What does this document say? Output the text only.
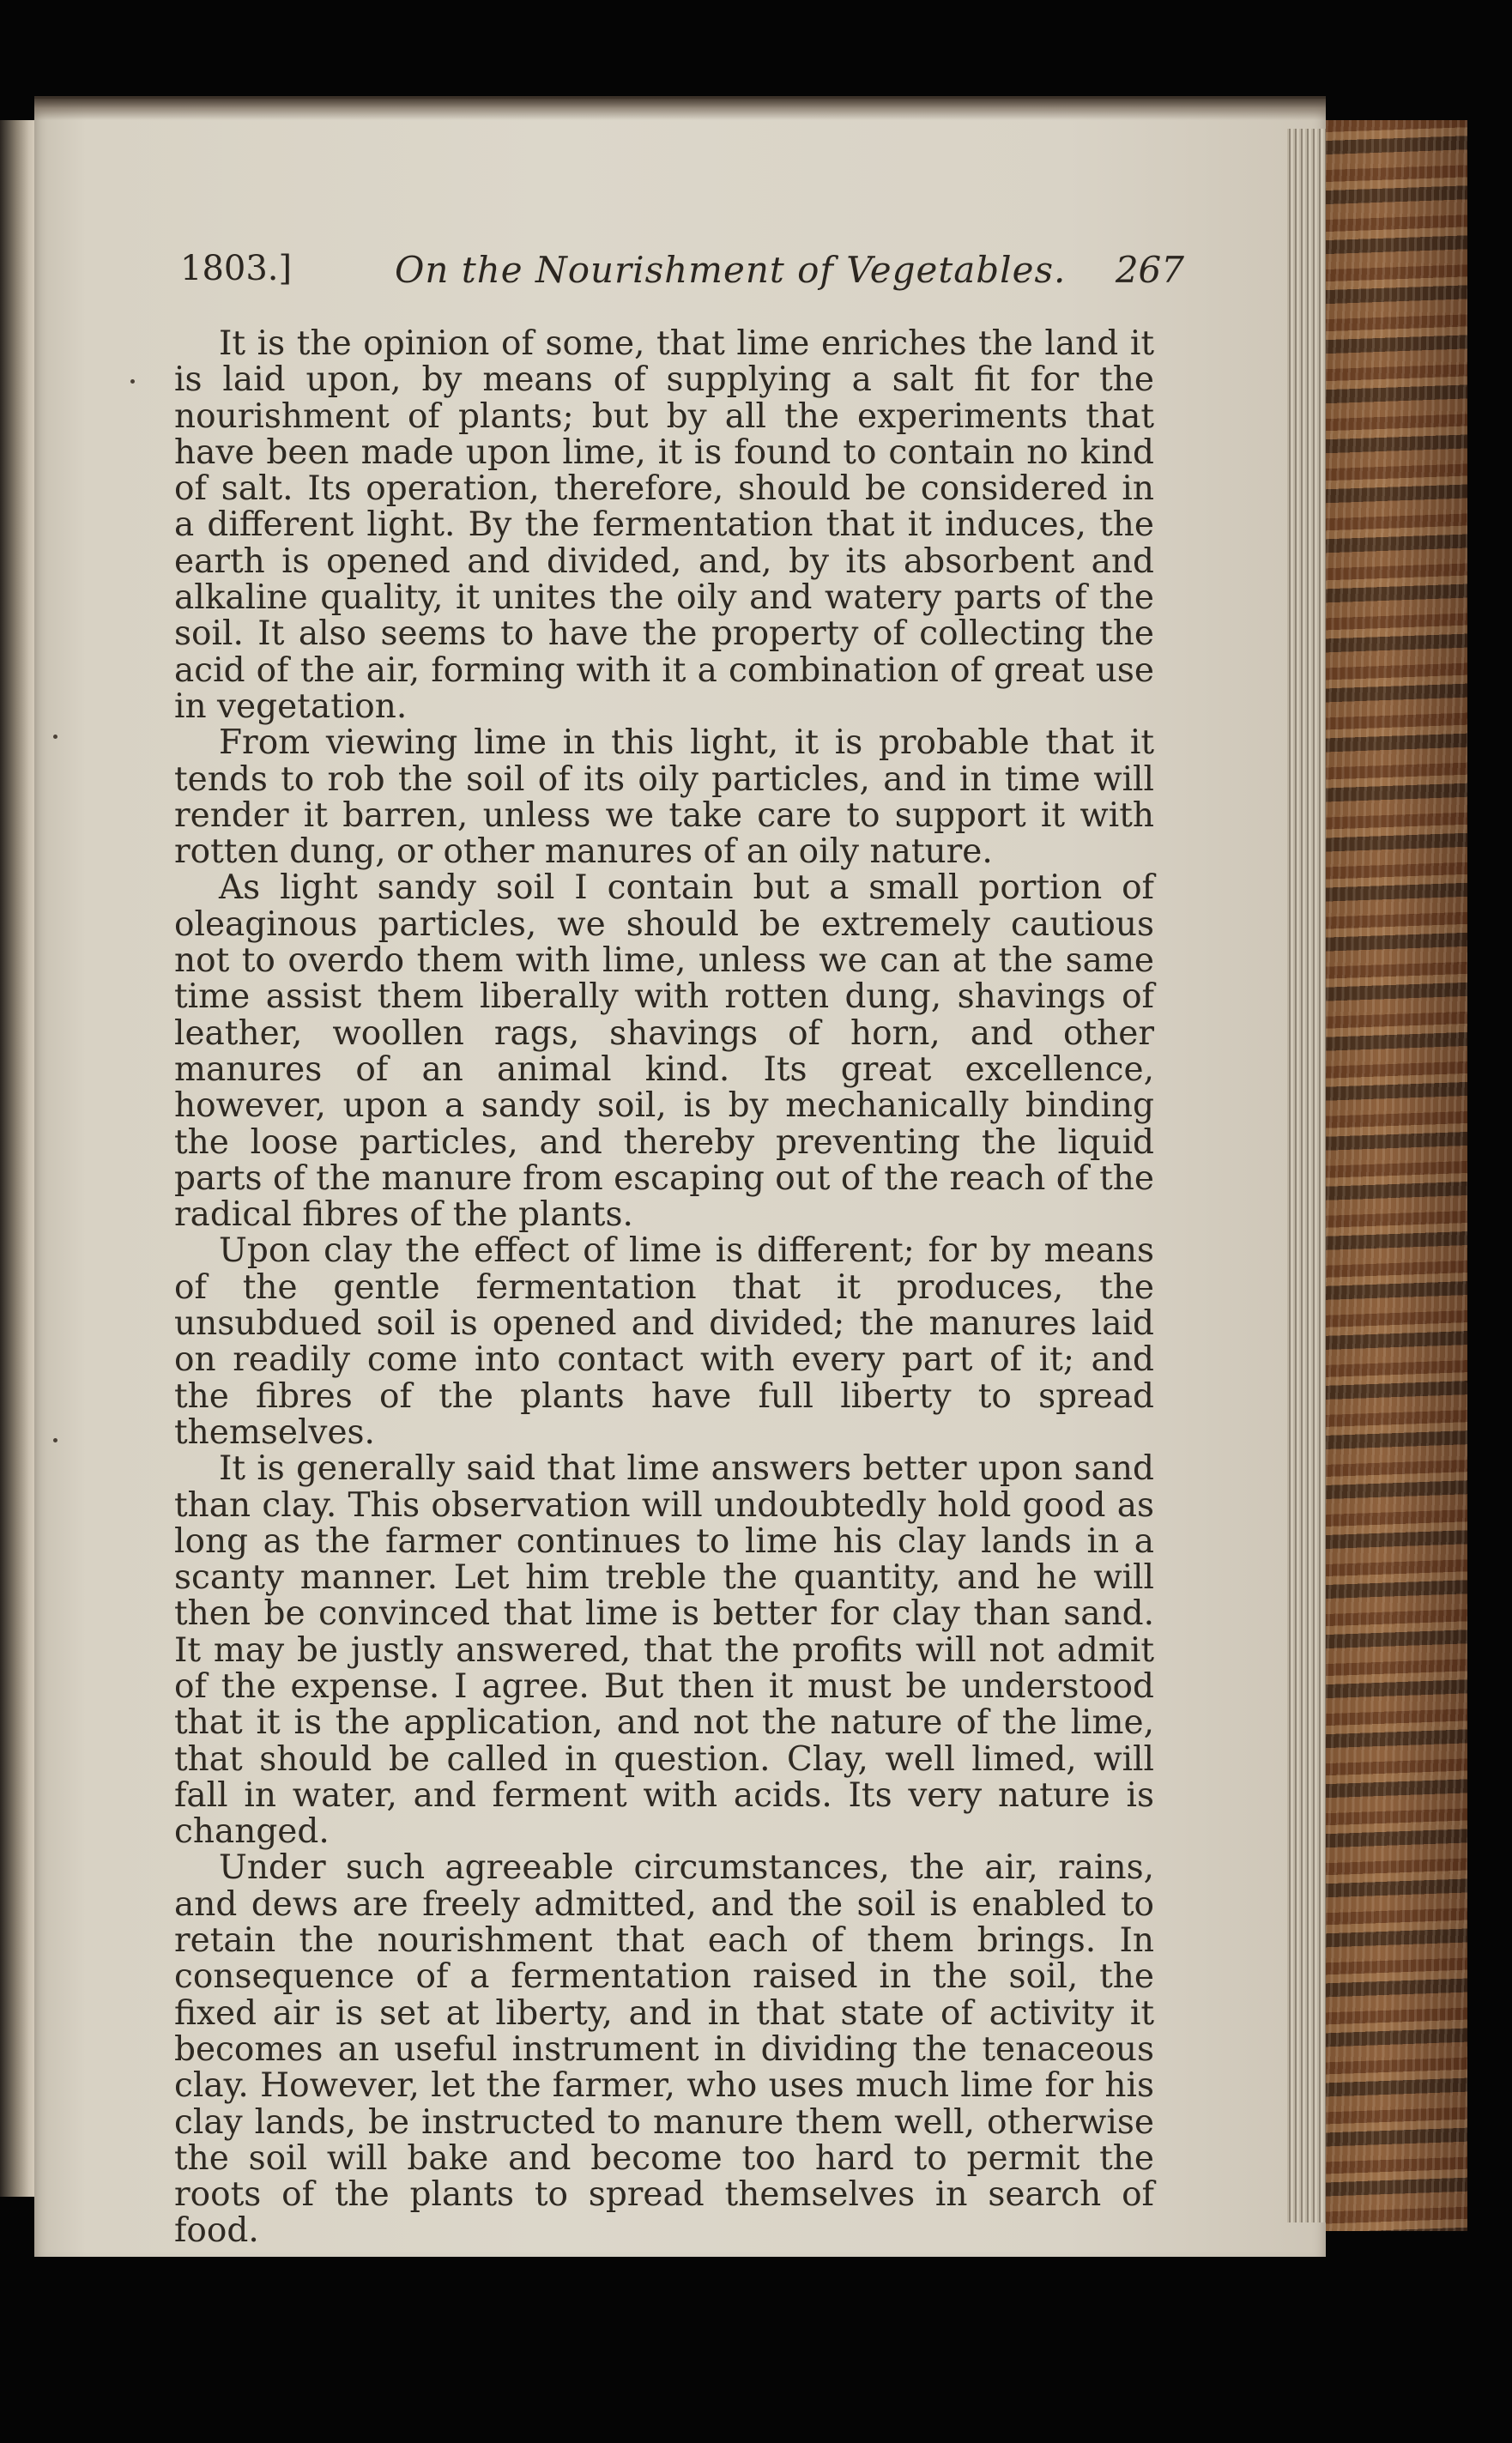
1803.]	On the Nourishment of Vegetables. 267

It is the opinion of some, that lime enriches the land it is laid upon, by means of supplying a salt fit for the nourishment of plants; but by all the experiments that have been made upon lime, it is found to contain no kind of salt. Its operation, therefore, should be considered in a different light. By the fermentation that it induces, the earth is opened and divided, and, by its absorbent and alkaline quality, it unites the oily and watery parts of the soil. It also seems to have the property of collecting the acid of the air, forming with it a combination of great use in vegetation.

From viewing lime in this light, it is probable that it tends to rob the soil of its oily particles, and in time will render it barren, unless we take care to support it with rotten dung, or other manures of an oily nature.

As light sandy soil I contain but a small portion of oleaginous particles, we should be extremely cautious not to overdo them with lime, unless we can at the same time assist them liberally with rotten dung, shavings of leather, woollen rags, shavings of horn, and other manures of an animal kind. Its great excellence, however, upon a sandy soil, is by mechanically binding the loose particles, and thereby preventing the liquid parts of the manure from escaping out of the reach of the radical fibres of the plants.

Upon clay the effect of lime is different; for by means of the gentle fermentation that it produces, the unsubdued soil is opened and divided; the manures laid on readily come into contact with every part of it; and the fibres of the plants have full liberty to spread themselves.

It is generally said that lime answers better upon sand than clay. This observation will undoubtedly hold good as long as the farmer continues to lime his clay lands in a scanty manner. Let him treble the quantity, and he will then be convinced that lime is better for clay than sand. It may be justly answered, that the profits will not admit of the expense. I agree. But then it must be understood that it is the application, and not the nature of the lime, that should be called in question. Clay, well limed, will fall in water, and ferment with acids. Its very nature is changed.

Under such agreeable circumstances, the air, rains, and dews are freely admitted, and the soil is enabled to retain the nourishment that each of them brings. In consequence of a fermentation raised in the soil, the fixed air is set at liberty, and in that state of activity it becomes an useful instrument in dividing the tenaceous clay. However, let the farmer, who uses much lime for his clay lands, be instructed to manure them well, otherwise the soil will bake and become too hard to permit the roots of the plants to spread themselves in search of food.
